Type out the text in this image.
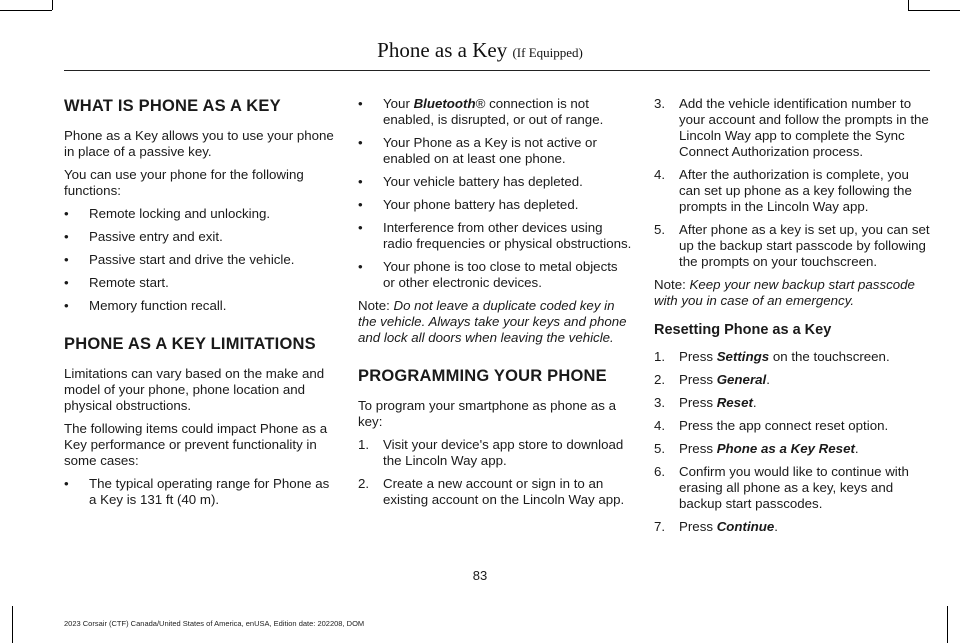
Phone as a Key (If Equipped)
WHAT IS PHONE AS A KEY

Phone as a Key allows you to use your phone in place of a passive key.

You can use your phone for the following functions:

• Remote locking and unlocking.
• Passive entry and exit.
• Passive start and drive the vehicle.
• Remote start.
• Memory function recall.
PHONE AS A KEY LIMITATIONS

Limitations can vary based on the make and model of your phone, phone location and physical obstructions.

The following items could impact Phone as a Key performance or prevent functionality in some cases:

• The typical operating range for Phone as a Key is 131 ft (40 m).
• Your Bluetooth® connection is not enabled, is disrupted, or out of range.
• Your Phone as a Key is not active or enabled on at least one phone.
• Your vehicle battery has depleted.
• Your phone battery has depleted.
• Interference from other devices using radio frequencies or physical obstructions.
• Your phone is too close to metal objects or other electronic devices.

Note: Do not leave a duplicate coded key in the vehicle. Always take your keys and phone and lock all doors when leaving the vehicle.

PROGRAMMING YOUR PHONE

To program your smartphone as phone as a key:

1. Visit your device's app store to download the Lincoln Way app.
2. Create a new account or sign in to an existing account on the Lincoln Way app.
3. Add the vehicle identification number to your account and follow the prompts in the Lincoln Way app to complete the Sync Connect Authorization process.
4. After the authorization is complete, you can set up phone as a key following the prompts in the Lincoln Way app.
5. After phone as a key is set up, you can set up the backup start passcode by following the prompts on your touchscreen.

Note: Keep your new backup start passcode with you in case of an emergency.

Resetting Phone as a Key
1. Press Settings on the touchscreen.
2. Press General.
3. Press Reset.
4. Press the app connect reset option.
5. Press Phone as a Key Reset.
6. Confirm you would like to continue with erasing all phone as a key, keys and backup start passcodes.
7. Press Continue.
83
2023 Corsair (CTF) Canada/United States of America, enUSA, Edition date: 202208, DOM
